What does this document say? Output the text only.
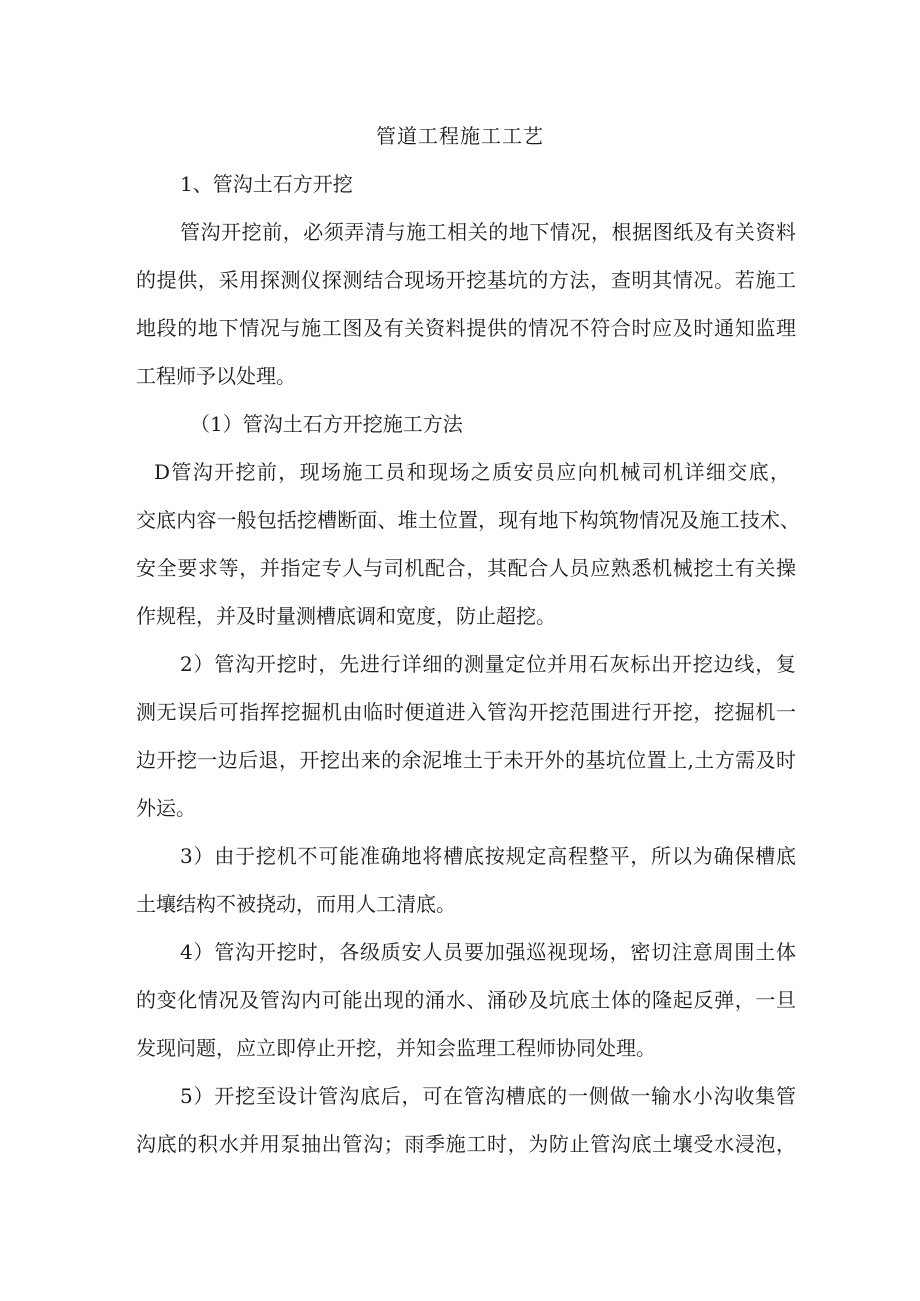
管道工程施工工艺
1、管沟土石方开挖
管沟开挖前，必须弄清与施工相关的地下情况，根据图纸及有关资料
的提供，采用探测仪探测结合现场开挖基坑的方法，查明其情况。若施工
地段的地下情况与施工图及有关资料提供的情况不符合时应及时通知监理
工程师予以处理。
（1）管沟土石方开挖施工方法
D管沟开挖前，现场施工员和现场之质安员应向机械司机详细交底，
交底内容一般包括挖槽断面、堆土位置，现有地下构筑物情况及施工技术、
安全要求等，并指定专人与司机配合，其配合人员应熟悉机械挖土有关操
作规程，并及时量测槽底调和宽度，防止超挖。
2）管沟开挖时，先进行详细的测量定位并用石灰标出开挖边线，复
测无误后可指挥挖掘机由临时便道进入管沟开挖范围进行开挖，挖掘机一
边开挖一边后退，开挖出来的余泥堆土于未开外的基坑位置上,土方需及时
外运。
3）由于挖机不可能准确地将槽底按规定高程整平，所以为确保槽底
土壤结构不被挠动，而用人工清底。
4）管沟开挖时，各级质安人员要加强巡视现场，密切注意周围土体
的变化情况及管沟内可能出现的涌水、涌砂及坑底土体的隆起反弹，一旦
发现问题，应立即停止开挖，并知会监理工程师协同处理。
5）开挖至设计管沟底后，可在管沟槽底的一侧做一输水小沟收集管
沟底的积水并用泵抽出管沟；雨季施工时，为防止管沟底土壤受水浸泡，
